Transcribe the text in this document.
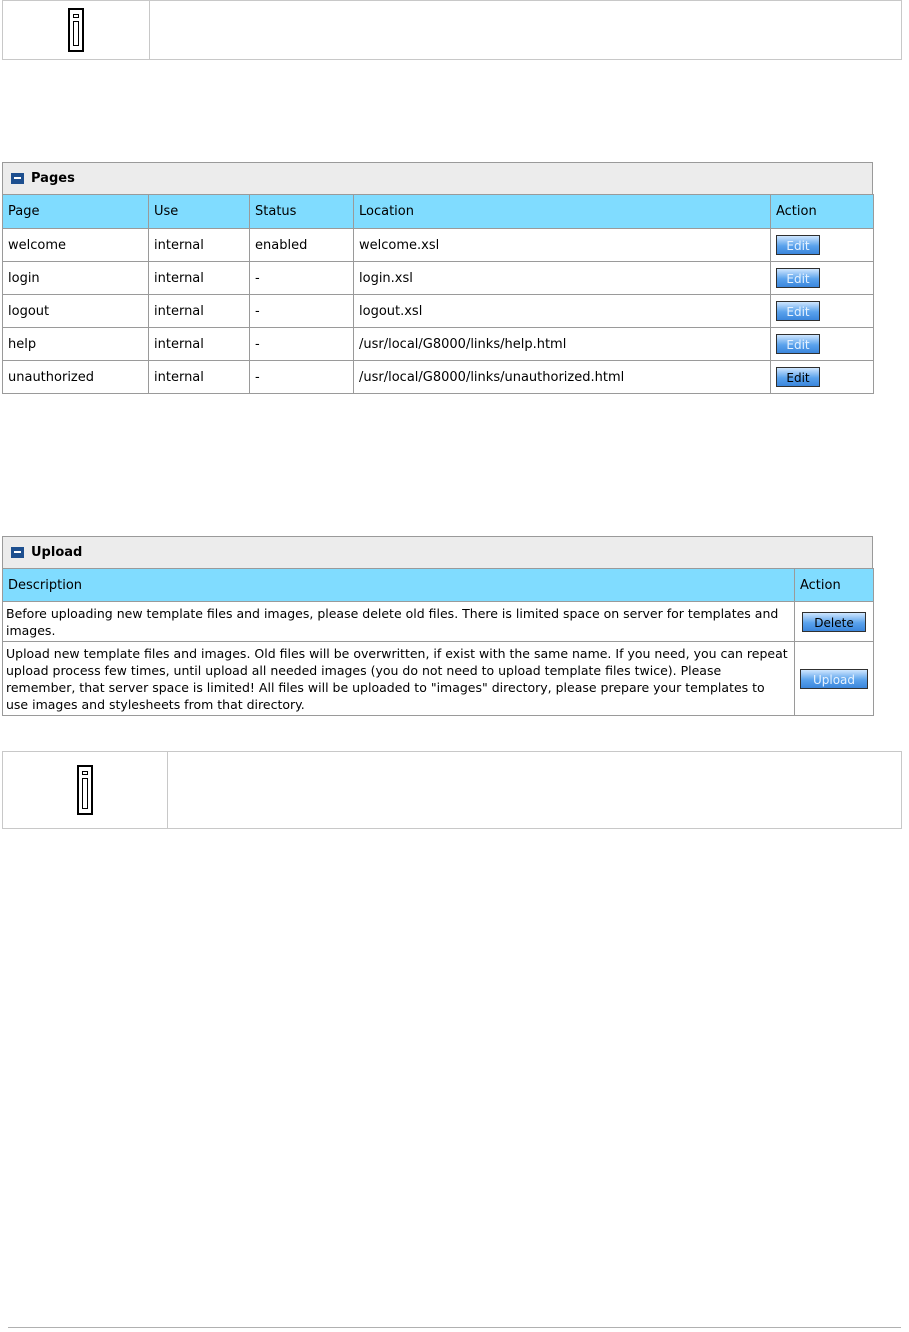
Pages
Page	Use	Status	Location	Action
welcome	internal	enabled	welcome.xsl	Edit
login	internal	-	login.xsl	Edit
logout	internal	-	logout.xsl	Edit
help	internal	-	/usr/local/G8000/links/help.html	Edit
unauthorized	internal	-	/usr/local/G8000/links/unauthorized.html	Edit
Upload
Description	Action
Before uploading new template files and images, please delete old files. There is limited space on server for templates and images.	Delete
Upload new template files and images. Old files will be overwritten, if exist with the same name. If you need, you can repeat upload process few times, until upload all needed images (you do not need to upload template files twice). Please remember, that server space is limited! All files will be uploaded to "images" directory, please prepare your templates to use images and stylesheets from that directory.	Upload
